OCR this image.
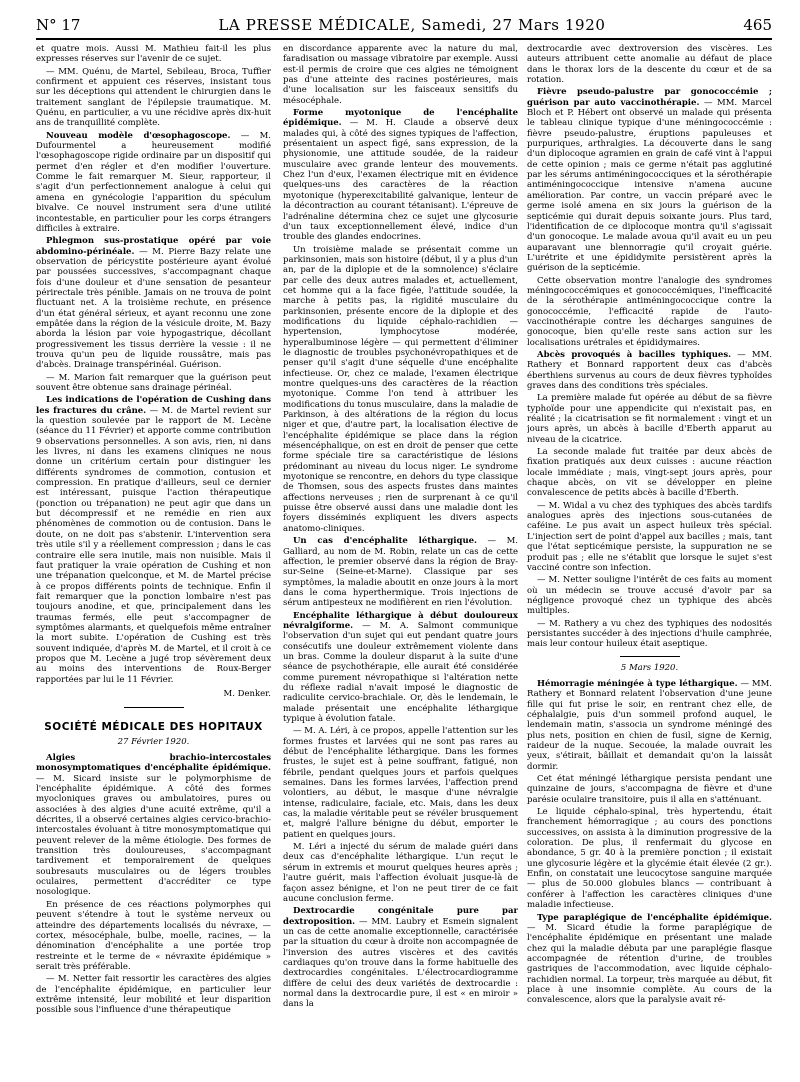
N° 17	LA PRESSE MÉDICALE, Samedi, 27 Mars 1920	465

et quatre mois. Aussi M. Mathieu fait-il les plus expresses réserves sur l'avenir de ce sujet.

— MM. Quénu, de Martel, Sebileau, Broca, Tuffier confirment et appuient ces réserves, insistant tous sur les déceptions qui attendent le chirurgien dans le traitement sanglant de l'épilepsie traumatique. M. Quénu, en particulier, a vu une récidive après dix-huit ans de tranquillité complète.

Nouveau modèle d'œsophagoscope. — M. Dufourmentel a heureusement modifié l'œsophagoscope rigide ordinaire par un dispositif qui permet d'en régler et d'en modifier l'ouverture. Comme le fait remarquer M. Sieur, rapporteur, il s'agit d'un perfectionnement analogue à celui qui amena en gynécologie l'apparition du spéculum bivalve. Ce nouvel instrument sera d'une utilité incontestable, en particulier pour les corps étrangers difficiles à extraire.

Phlegmon sus-prostatique opéré par voie abdomino-périnéale. — M. Pierre Bazy relate une observation de péricystite postérieure ayant évolué par poussées successives, s'accompagnant chaque fois d'une douleur et d'une sensation de pesanteur périrectale très pénible. Jamais on ne trouva de point fluctuant net. A la troisième rechute, en présence d'un état général sérieux, et ayant reconnu une zone empâtée dans la région de la vésicule droite, M. Bazy aborda la lésion par voie hypogastrique, décollant progressivement les tissus derrière la vessie : il ne trouva qu'un peu de liquide roussâtre, mais pas d'abcès. Drainage transpérinéal. Guérison.

— M. Marion fait remarquer que la guérison peut souvent être obtenue sans drainage périnéal.

Les indications de l'opération de Cushing dans les fractures du crâne. — M. de Martel revient sur la question soulevée par le rapport de M. Lecène (séance du 11 Février) et apporte comme contribution 9 observations personnelles. A son avis, rien, ni dans les livres, ni dans les examens cliniques ne nous donne un critérium certain pour distinguer les différents syndromes de commotion, contusion et compression. En pratique d'ailleurs, seul ce dernier est intéressant, puisque l'action thérapeutique (ponction ou trépanation) ne peut agir que dans un but décompressif et ne remédie en rien aux phénomènes de commotion ou de contusion. Dans le doute, on ne doit pas s'abstenir. L'intervention sera très utile s'il y a réellement compression ; dans le cas contraire elle sera inutile, mais non nuisible. Mais il faut pratiquer la vraie opération de Cushing et non une trépanation quelconque, et M. de Martel précise à ce propos différents points de technique. Enfin il fait remarquer que la ponction lombaire n'est pas toujours anodine, et que, principalement dans les traumas fermés, elle peut s'accompagner de symptômes alarmants, et quelquefois même entraîner la mort subite. L'opération de Cushing est très souvent indiquée, d'après M. de Martel, et il croit à ce propos que M. Lecène a jugé trop sévèrement deux au moins des interventions de Roux-Berger rapportées par lui le 11 Février.

M. Denker.

SOCIÉTÉ MÉDICALE DES HOPITAUX

27 Février 1920.

Algies brachio-intercostales monosymptomatiques d'encéphalite épidémique. — M. Sicard insiste sur le polymorphisme de l'encéphalite épidémique. A côté des formes myocloniques graves ou ambulatoires, pures ou associées à des algies d'une acuité extrême, qu'il a décrites, il a observé certaines algies cervico-brachio-intercostales évoluant à titre monosymptomatique qui peuvent relever de la même étiologie. Des formes de transition très douloureuses, s'accompagnant tardivement et temporairement de quelques soubresauts musculaires ou de légers troubles oculaires, permettent d'accréditer ce type nosologique.

En présence de ces réactions polymorphes qui peuvent s'étendre à tout le système nerveux ou atteindre des départements localisés du névraxe, — cortex, mésocéphale, bulbe, moelle, racines, — la dénomination d'encéphalite a une portée trop restreinte et le terme de « névraxite épidémique » serait très préférable.

— M. Netter fait ressortir les caractères des algies de l'encéphalite épidémique, en particulier leur extrême intensité, leur mobilité et leur disparition possible sous l'influence d'une thérapeutique

en discordance apparente avec la nature du mal, faradisation ou massage vibratoire par exemple. Aussi est-il permis de croire que ces algies ne témoignent pas d'une atteinte des racines postérieures, mais d'une localisation sur les faisceaux sensitifs du mésocéphale.

Forme myotonique de l'encéphalite épidémique. — M. H. Claude a observé deux malades qui, à côté des signes typiques de l'affection, présentaient un aspect figé, sans expression, de la physionomie, une attitude soudée, de la raideur musculaire avec grande lenteur des mouvements. Chez l'un d'eux, l'examen électrique mit en évidence quelques-uns des caractères de la réaction myotonique (hyperexcitabilité galvanique, lenteur de la décontraction au courant tétanisant). L'épreuve de l'adrénaline détermina chez ce sujet une glycosurie d'un taux exceptionnellement élevé, indice d'un trouble des glandes endocrines.

Un troisième malade se présentait comme un parkinsonien, mais son histoire (début, il y a plus d'un an, par de la diplopie et de la somnolence) s'éclaire par celle des deux autres malades et, actuellement, cet homme qui a la face figée, l'attitude soudée, la marche à petits pas, la rigidité musculaire du parkinsonien, présente encore de la diplopie et des modifications du liquide céphalo-rachidien — hypertension, lymphocytose modérée, hyperalbuminose légère — qui permettent d'éliminer le diagnostic de troubles psychonévropathiques et de penser qu'il s'agit d'une séquelle d'une encéphalite infectieuse. Or, chez ce malade, l'examen électrique montre quelques-uns des caractères de la réaction myotonique. Comme l'on tend à attribuer les modifications du tonus musculaire, dans la maladie de Parkinson, à des altérations de la région du locus niger et que, d'autre part, la localisation élective de l'encéphalite épidémique se place dans la région mésencéphalique, on est en droit de penser que cette forme spéciale tire sa caractéristique de lésions prédominant au niveau du locus niger. Le syndrome myotonique se rencontre, en dehors du type classique de Thomsen, sous des aspects frustes dans maintes affections nerveuses ; rien de surprenant à ce qu'il puisse être observé aussi dans une maladie dont les foyers disséminés expliquent les divers aspects anatomo-cliniques.

Un cas d'encéphalite léthargique. — M. Galliard, au nom de M. Robin, relate un cas de cette affection, le premier observé dans la région de Bray-sur-Seine (Seine-et-Marne). Classique par ses symptômes, la maladie aboutit en onze jours à la mort dans le coma hyperthermique. Trois injections de sérum antipesteux ne modifièrent en rien l'évolution.

Encéphalite léthargique à début douloureux névralgiforme. — M. A. Salmont communique l'observation d'un sujet qui eut pendant quatre jours consécutifs une douleur extrêmement violente dans un bras. Comme la douleur disparut à la suite d'une séance de psychothérapie, elle aurait été considérée comme purement névropathique si l'altération nette du réflexe radial n'avait imposé le diagnostic de radiculite cervico-brachiale. Or, dès le lendemain, le malade présentait une encéphalite léthargique typique à évolution fatale.

— M. A. Léri, à ce propos, appelle l'attention sur les formes frustes et larvées qui ne sont pas rares au début de l'encéphalite léthargique. Dans les formes frustes, le sujet est à peine souffrant, fatigué, non fébrile, pendant quelques jours et parfois quelques semaines. Dans les formes larvées, l'affection prend volontiers, au début, le masque d'une névralgie intense, radiculaire, faciale, etc. Mais, dans les deux cas, la maladie véritable peut se révéler brusquement et, malgré l'allure bénigne du début, emporter le patient en quelques jours.

M. Léri a injecté du sérum de malade guéri dans deux cas d'encéphalite léthargique. L'un reçut le sérum in extremis et mourut quelques heures après ; l'autre guérit, mais l'affection évoluait jusque-là de façon assez bénigne, et l'on ne peut tirer de ce fait aucune conclusion ferme.

Dextrocardie congénitale pure par dextroposition. — MM. Laubry et Esmein signalent un cas de cette anomalie exceptionnelle, caractérisée par la situation du cœur à droite non accompagnée de l'inversion des autres viscères et des cavités cardiaques qu'on trouve dans la forme habituelle des dextrocardies congénitales. L'électrocardiogramme diffère de celui des deux variétés de dextrocardie : normal dans la dextrocardie pure, il est « en miroir » dans la

dextrocardie avec dextroversion des viscères. Les auteurs attribuent cette anomalie au défaut de place dans le thorax lors de la descente du cœur et de sa rotation.

Fièvre pseudo-palustre par gonococcémie ; guérison par auto vaccinothérapie. — MM. Marcel Bloch et P. Hébert ont observé un malade qui présenta le tableau clinique typique d'une méningococcémie : fièvre pseudo-palustre, éruptions papuleuses et purpuriques, arthralgies. La découverte dans le sang d'un diplocoque agramien en grain de café vint à l'appui de cette opinion ; mais ce germe n'était pas agglutiné par les sérums antiméningococciques et la sérothérapie antiméningococcique intensive n'amena aucune amélioration. Par contre, un vaccin préparé avec le germe isolé amena en six jours la guérison de la septicémie qui durait depuis soixante jours. Plus tard, l'identification de ce diplocoque montra qu'il s'agissait d'un gonocoque. Le malade avoua qu'il avait eu un peu auparavant une blennorragie qu'il croyait guérie. L'urétrite et une épididymite persistèrent après la guérison de la septicémie.

Cette observation montre l'analogie des syndromes méningococcémiques et gonococcémiques, l'inefficacité de la sérothérapie antiméningococcique contre la gonococcémie, l'efficacité rapide de l'auto-vaccinothérapie contre les décharges sanguines de gonocoque, bien qu'elle reste sans action sur les localisations urétrales et épididymaires.

Abcès provoqués à bacilles typhiques. — MM. Rathery et Bonnard rapportent deux cas d'abcès éberthiens survenus au cours de deux fièvres typhoïdes graves dans des conditions très spéciales.

La première malade fut opérée au début de sa fièvre typhoïde pour une appendicite qui n'existait pas, en réalité ; la cicatrisation se fit normalement : vingt et un jours après, un abcès à bacille d'Eberth apparut au niveau de la cicatrice.

La seconde malade fut traitée par deux abcès de fixation pratiqués aux deux cuisses : aucune réaction locale immédiate ; mais, vingt-sept jours après, pour chaque abcès, on vit se développer en pleine convalescence de petits abcès à bacille d'Eberth.

— M. Widal a vu chez des typhiques des abcès tardifs analogues après des injections sous-cutanées de caféine. Le pus avait un aspect huileux très spécial. L'injection sert de point d'appel aux bacilles ; mais, tant que l'état septicémique persiste, la suppuration ne se produit pas ; elle ne s'établit que lorsque le sujet s'est vacciné contre son infection.

— M. Netter souligne l'intérêt de ces faits au moment où un médecin se trouve accusé d'avoir par sa négligence provoqué chez un typhique des abcès multiples.

— M. Rathery a vu chez des typhiques des nodosités persistantes succéder à des injections d'huile camphrée, mais leur contour huileux était aseptique.

5 Mars 1920.

Hémorragie méningée à type léthargique. — MM. Rathery et Bonnard relatent l'observation d'une jeune fille qui fut prise le soir, en rentrant chez elle, de céphalalgie, puis d'un sommeil profond auquel, le lendemain matin, s'associa un syndrome méningé des plus nets, position en chien de fusil, signe de Kernig, raideur de la nuque. Secouée, la malade ouvrait les yeux, s'étirait, bâillait et demandait qu'on la laissât dormir.

Cet état méningé léthargique persista pendant une quinzaine de jours, s'accompagna de fièvre et d'une parésie oculaire transitoire, puis il alla en s'atténuant.

Le liquide céphalo-spinal, très hypertendu, était franchement hémorragique ; au cours des ponctions successives, on assista à la diminution progressive de la coloration. De plus, il renfermait du glycose en abondance, 5 gr. 40 à la première ponction ; il existait une glycosurie légère et la glycémie était élevée (2 gr.). Enfin, on constatait une leucocytose sanguine marquée — plus de 50.000 globules blancs — contribuant à conférer à l'affection les caractères cliniques d'une maladie infectieuse.

Type paraplégique de l'encéphalite épidémique. — M. Sicard étudie la forme paraplégique de l'encéphalite épidémique en présentant une malade chez qui la maladie débuta par une paraplégie flasque accompagnée de rétention d'urine, de troubles gastriques de l'accommodation, avec liquide céphalo-rachidien normal. La torpeur, très marquée au début, fit place à une insomnie complète. Au cours de la convalescence, alors que la paralysie avait ré-
